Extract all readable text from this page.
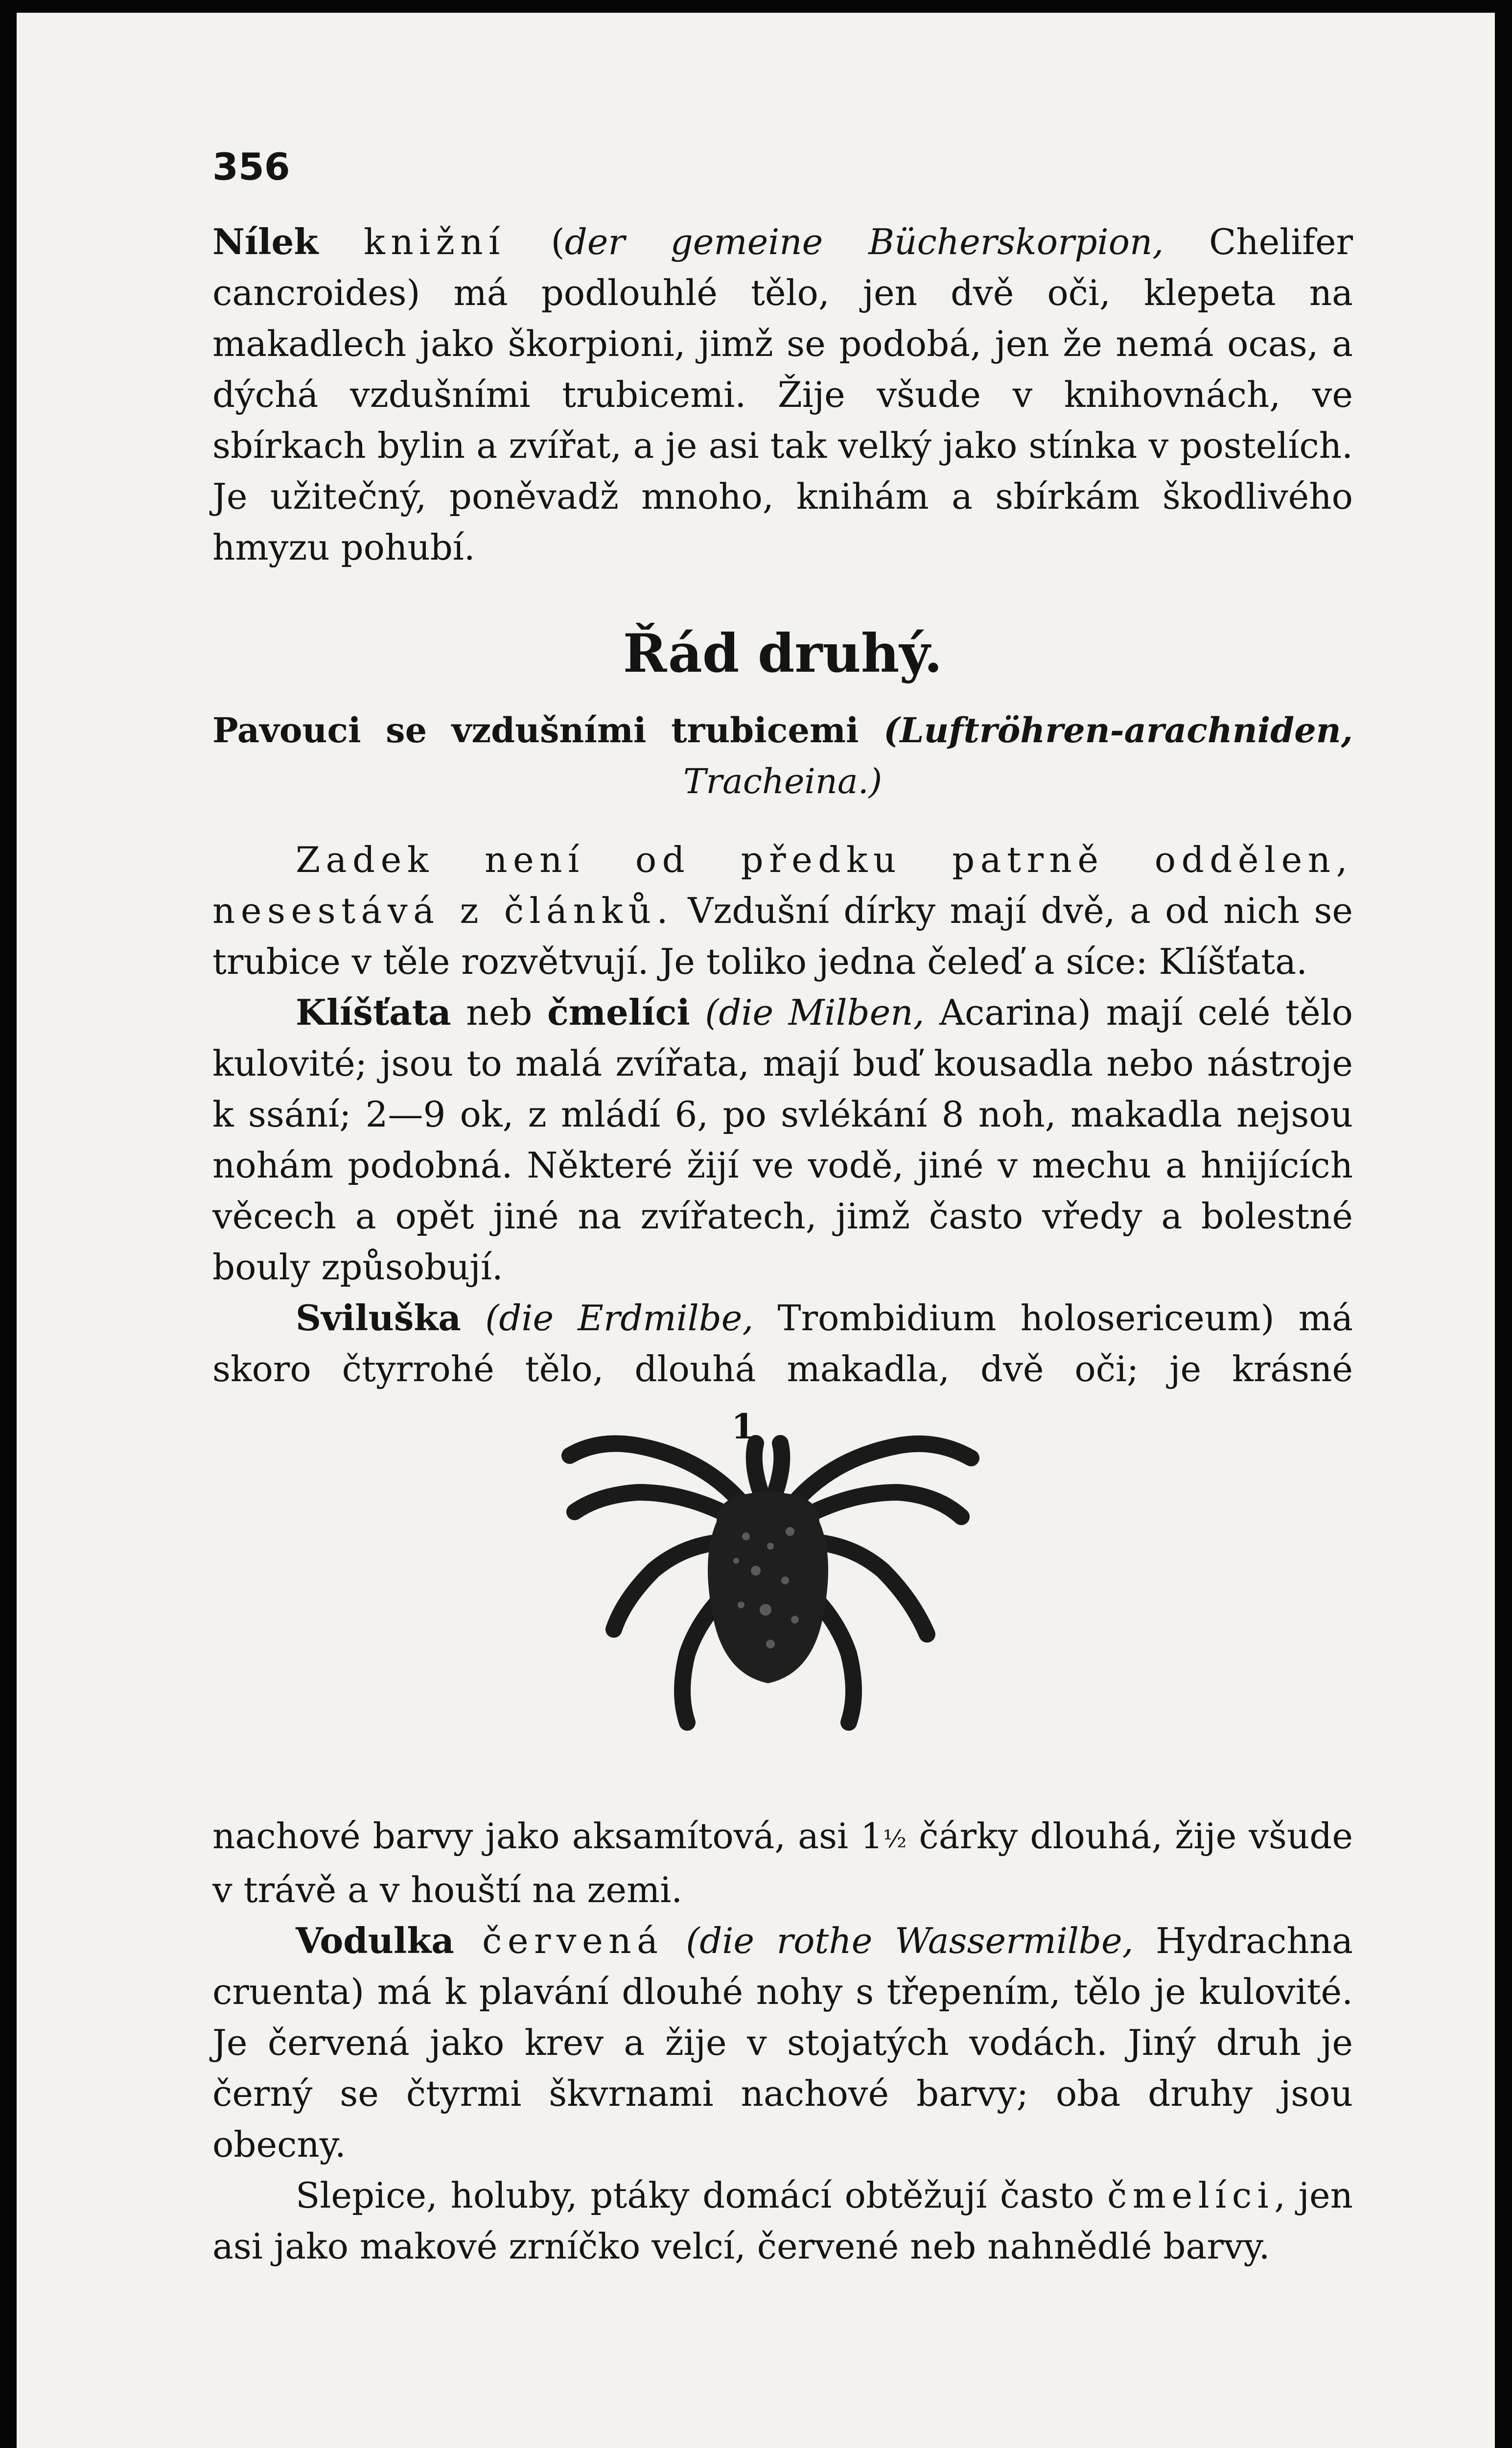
356

Nílek knižní (der gemeine Bücherskorpion, Chelifer cancroides) má podlouhlé tělo, jen dvě oči, klepeta na makadlech jako škorpioni, jimž se podobá, jen že nemá ocas, a dýchá vzdušními trubicemi. Žije všude v knihovnách, ve sbírkach bylin a zvířat, a je asi tak velký jako stínka v postelích. Je užitečný, poněvadž mnoho, knihám a sbírkám škodlivého hmyzu pohubí.

Řád druhý.

Pavouci se vzdušními trubicemi (Luftröhren-arachniden,

Tracheina.)

Zadek není od předku patrně oddělen, nesestává z článků. Vzdušní dírky mají dvě, a od nich se trubice v těle rozvětvují. Je toliko jedna čeleď a síce: Klíšťata.

Klíšťata neb čmelíci (die Milben, Acarina) mají celé tělo kulovité; jsou to malá zvířata, mají buď kousadla nebo nástroje k ssání; 2—9 ok, z mládí 6, po svlékání 8 noh, makadla nejsou nohám podobná. Některé žijí ve vodě, jiné v mechu a hnijících věcech a opět jiné na zvířatech, jimž často vředy a bolestné bouly způsobují.

Sviluška (die Erdmilbe, Trombidium holosericeum) má skoro čtyrrohé tělo, dlouhá makadla, dvě oči; je krásné

1

nachové barvy jako aksamítová, asi 1½ čárky dlouhá, žije všude v trávě a v houští na zemi.

Vodulka červená (die rothe Wassermilbe, Hydrachna cruenta) má k plavání dlouhé nohy s třepením, tělo je kulovité. Je červená jako krev a žije v stojatých vodách. Jiný druh je černý se čtyrmi škvrnami nachové barvy; oba druhy jsou obecny.

Slepice, holuby, ptáky domácí obtěžují často čmelíci, jen asi jako makové zrníčko velcí, červené neb nahnědlé barvy.
